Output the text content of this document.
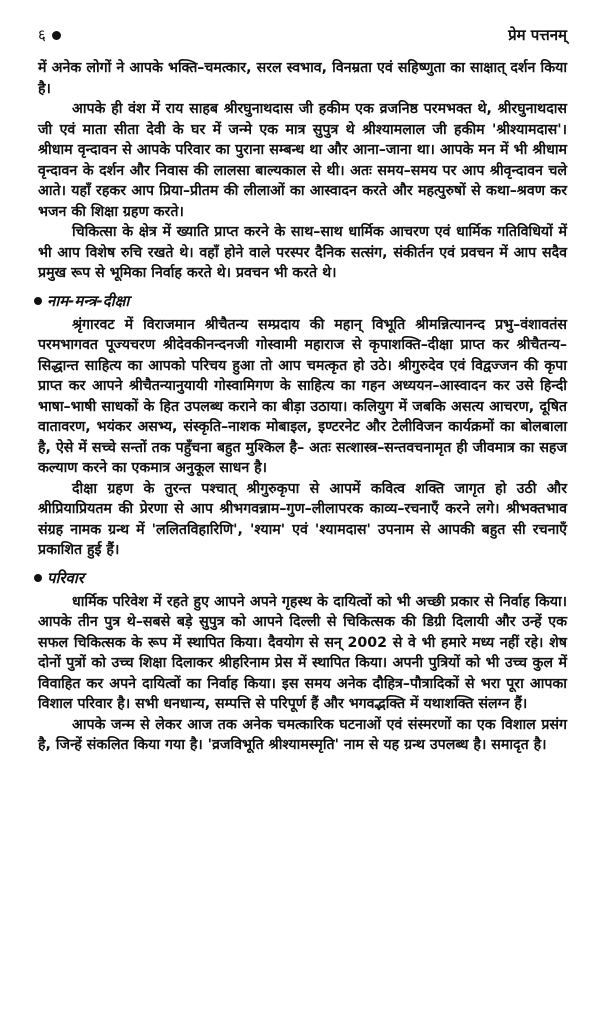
६	प्रेम पत्तनम्

में अनेक लोगों ने आपके भक्ति–चमत्कार, सरल स्वभाव, विनम्रता एवं सहिष्णुता का साक्षात् दर्शन किया है।

आपके ही वंश में राय साहब श्रीरघुनाथदास जी हकीम एक व्रजनिष्ठ परमभक्त थे, श्रीरघुनाथदास जी एवं माता सीता देवी के घर में जन्मे एक मात्र सुपुत्र थे श्रीश्यामलाल जी हकीम 'श्रीश्यामदास'। श्रीधाम वृन्दावन से आपके परिवार का पुराना सम्बन्ध था और आना–जाना था। आपके मन में भी श्रीधाम वृन्दावन के दर्शन और निवास की लालसा बाल्यकाल से थी। अतः समय–समय पर आप श्रीवृन्दावन चले आते। यहाँ रहकर आप प्रिया–प्रीतम की लीलाओं का आस्वादन करते और महत्पुरुषों से कथा–श्रवण कर भजन की शिक्षा ग्रहण करते।

चिकित्सा के क्षेत्र में ख्याति प्राप्त करने के साथ–साथ धार्मिक आचरण एवं धार्मिक गतिविधियों में भी आप विशेष रुचि रखते थे। वहाँ होने वाले परस्पर दैनिक सत्संग, संकीर्तन एवं प्रवचन में आप सदैव प्रमुख रूप से भूमिका निर्वाह करते थे। प्रवचन भी करते थे।

नाम-मन्त्र-दीक्षा

श्रृंगारवट में विराजमान श्रीचैतन्य सम्प्रदाय की महान् विभूति श्रीमन्नित्यानन्द प्रभु–वंशावतंस परमभागवत पूज्यचरण श्रीदेवकीनन्दनजी गोस्वामी महाराज से कृपाशक्ति–दीक्षा प्राप्त कर श्रीचैतन्य–सिद्धान्त साहित्य का आपको परिचय हुआ तो आप चमत्कृत हो उठे। श्रीगुरुदेव एवं विद्वज्जन की कृपा प्राप्त कर आपने श्रीचैतन्यानुयायी गोस्वामिगण के साहित्य का गहन अध्ययन–आस्वादन कर उसे हिन्दी भाषा–भाषी साधकों के हित उपलब्ध कराने का बीड़ा उठाया। कलियुग में जबकि असत्य आचरण, दूषित वातावरण, भयंकर असभ्य, संस्कृति–नाशक मोबाइल, इण्टरनेट और टेलीविजन कार्यक्रमों का बोलबाला है, ऐसे में सच्चे सन्तों तक पहुँचना बहुत मुश्किल है– अतः सत्शास्त्र–सन्तवचनामृत ही जीवमात्र का सहज कल्याण करने का एकमात्र अनुकूल साधन है।

दीक्षा ग्रहण के तुरन्त पश्चात् श्रीगुरुकृपा से आपमें कवित्व शक्ति जागृत हो उठी और श्रीप्रियाप्रियतम की प्रेरणा से आप श्रीभगवन्नाम–गुण–लीलापरक काव्य–रचनाएँ करने लगे। श्रीभक्तभाव संग्रह नामक ग्रन्थ में 'ललितविहारिणि', 'श्याम' एवं 'श्यामदास' उपनाम से आपकी बहुत सी रचनाएँ प्रकाशित हुई हैं।

परिवार

धार्मिक परिवेश में रहते हुए आपने अपने गृहस्थ के दायित्वों को भी अच्छी प्रकार से निर्वाह किया। आपके तीन पुत्र थे–सबसे बड़े सुपुत्र को आपने दिल्ली से चिकित्सक की डिग्री दिलायी और उन्हें एक सफल चिकित्सक के रूप में स्थापित किया। दैवयोग से सन् 2002 से वे भी हमारे मध्य नहीं रहे। शेष दोनों पुत्रों को उच्च शिक्षा दिलाकर श्रीहरिनाम प्रेस में स्थापित किया। अपनी पुत्रियों को भी उच्च कुल में विवाहित कर अपने दायित्वों का निर्वाह किया। इस समय अनेक दौहित्र–पौत्रादिकों से भरा पूरा आपका विशाल परिवार है। सभी धनधान्य, सम्पत्ति से परिपूर्ण हैं और भगवद्भक्ति में यथाशक्ति संलग्न हैं।

आपके जन्म से लेकर आज तक अनेक चमत्कारिक घटनाओं एवं संस्मरणों का एक विशाल प्रसंग है, जिन्हें संकलित किया गया है। 'व्रजविभूति श्रीश्यामस्मृति' नाम से यह ग्रन्थ उपलब्ध है। समादृत है।
